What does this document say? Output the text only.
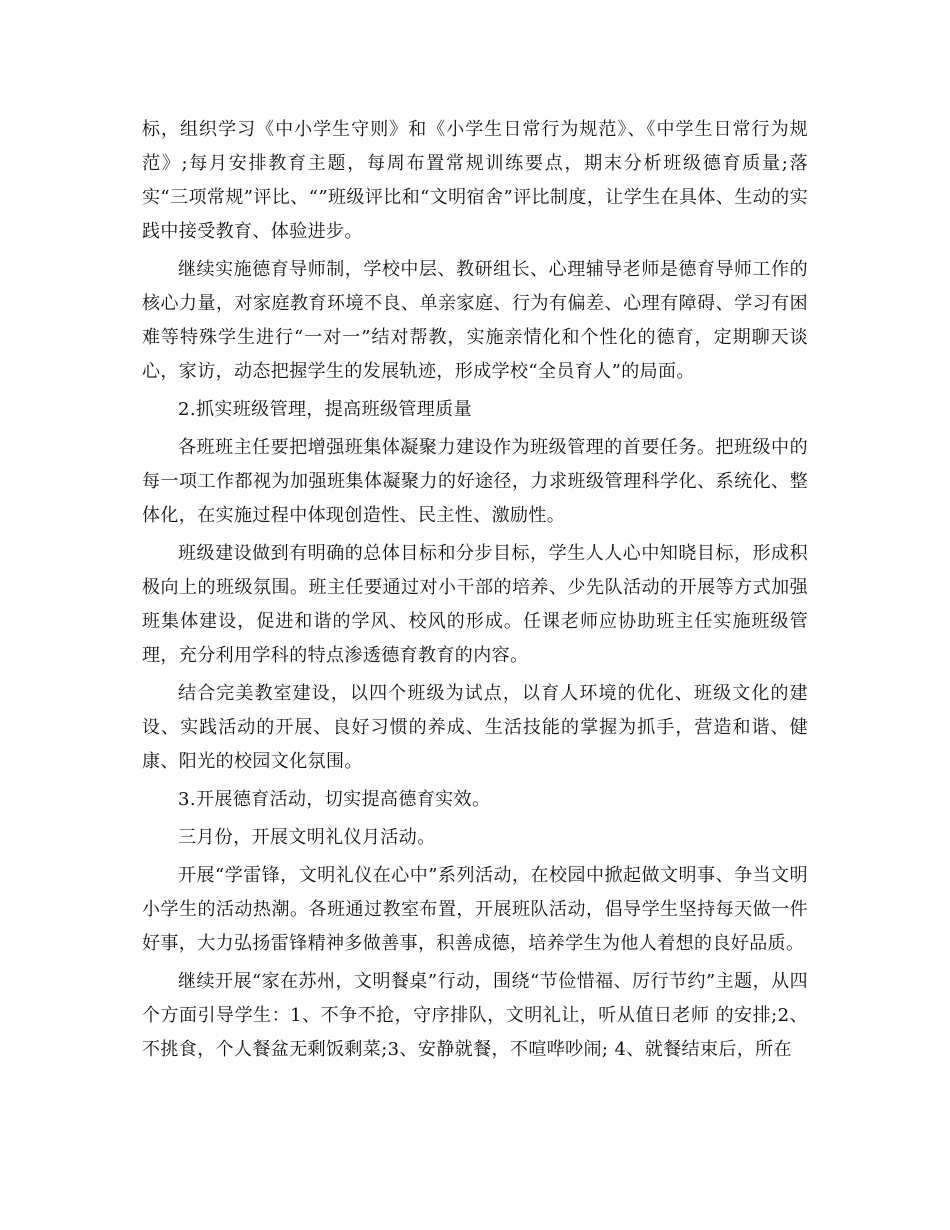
标，组织学习《中小学生守则》和《小学生日常行为规范》、《中学生日常行为规范》;每月安排教育主题，每周布置常规训练要点，期末分析班级德育质量;落实“三项常规”评比、“”班级评比和“文明宿舍”评比制度，让学生在具体、生动的实践中接受教育、体验进步。

继续实施德育导师制，学校中层、教研组长、心理辅导老师是德育导师工作的核心力量，对家庭教育环境不良、单亲家庭、行为有偏差、心理有障碍、学习有困难等特殊学生进行“一对一”结对帮教，实施亲情化和个性化的德育，定期聊天谈心，家访，动态把握学生的发展轨迹，形成学校“全员育人”的局面。

2.抓实班级管理，提高班级管理质量

各班班主任要把增强班集体凝聚力建设作为班级管理的首要任务。把班级中的每一项工作都视为加强班集体凝聚力的好途径，力求班级管理科学化、系统化、整体化，在实施过程中体现创造性、民主性、激励性。

班级建设做到有明确的总体目标和分步目标，学生人人心中知晓目标，形成积极向上的班级氛围。班主任要通过对小干部的培养、少先队活动的开展等方式加强班集体建设，促进和谐的学风、校风的形成。任课老师应协助班主任实施班级管理，充分利用学科的特点渗透德育教育的内容。

结合完美教室建设，以四个班级为试点，以育人环境的优化、班级文化的建设、实践活动的开展、良好习惯的养成、生活技能的掌握为抓手，营造和谐、健康、阳光的校园文化氛围。

3.开展德育活动，切实提高德育实效。

三月份，开展文明礼仪月活动。

开展“学雷锋，文明礼仪在心中”系列活动，在校园中掀起做文明事、争当文明小学生的活动热潮。各班通过教室布置，开展班队活动，倡导学生坚持每天做一件好事，大力弘扬雷锋精神多做善事，积善成德，培养学生为他人着想的良好品质。

继续开展“家在苏州，文明餐桌”行动，围绕“节俭惜福、厉行节约”主题，从四个方面引导学生：1、不争不抢，守序排队，文明礼让，听从值日老师 的安排;2、不挑食，个人餐盆无剩饭剩菜;3、安静就餐，不喧哗吵闹; 4、就餐结束后，所在
